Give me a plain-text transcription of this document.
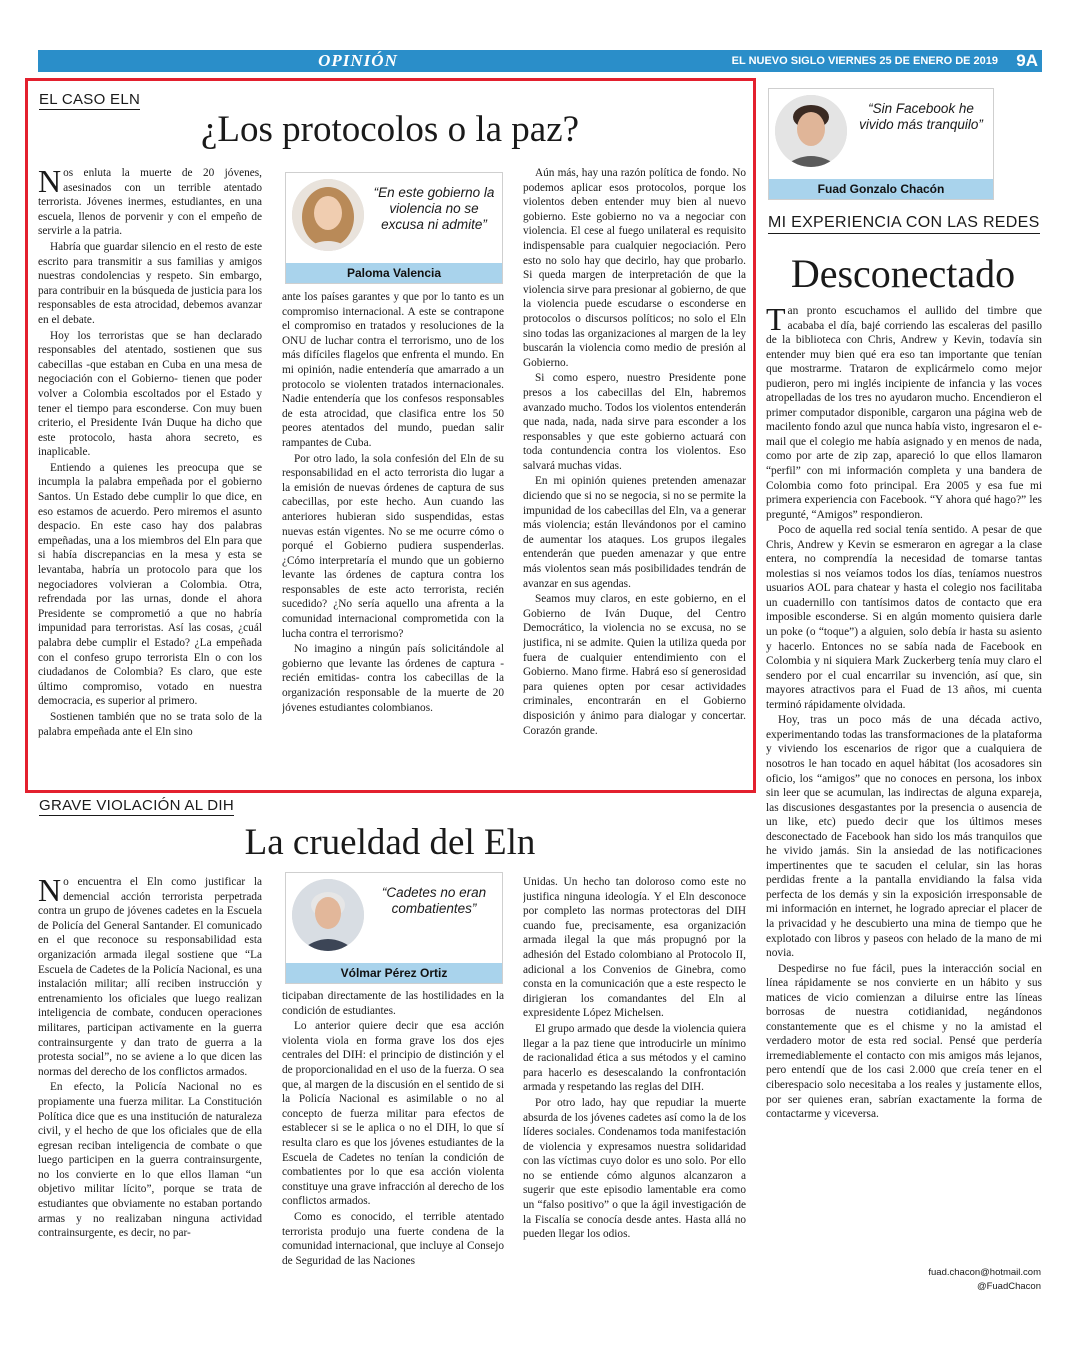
OPINIÓN	EL NUEVO SIGLO VIERNES 25 DE ENERO DE 2019 9A
EL CASO ELN
¿Los protocolos o la paz?

Nos enluta la muerte de 20 jóvenes, asesinados con un terrible atentado terrorista. Jóvenes inermes, estudiantes, en una escuela, llenos de porvenir y con el empeño de servirle a la patria.

Habría que guardar silencio en el resto de este escrito para transmitir a sus familias y amigos nuestras condolencias y respeto. Sin embargo, para contribuir en la búsqueda de justicia para los responsables de esta atrocidad, debemos avanzar en el debate.

Hoy los terroristas que se han declarado responsables del atentado, sostienen que sus cabecillas -que estaban en Cuba en una mesa de negociación con el Gobierno- tienen que poder volver a Colombia escoltados por el Estado y tener el tiempo para esconderse. Con muy buen criterio, el Presidente Iván Duque ha dicho que este protocolo, hasta ahora secreto, es inaplicable.

Entiendo a quienes les preocupa que se incumpla la palabra empeñada por el gobierno Santos. Un Estado debe cumplir lo que dice, en eso estamos de acuerdo. Pero miremos el asunto despacio. En este caso hay dos palabras empeñadas, una a los miembros del Eln para que si había discrepancias en la mesa y esta se levantaba, habría un protocolo para que los negociadores volvieran a Colombia. Otra, refrendada por las urnas, donde el ahora Presidente se comprometió a que no habría impunidad para terroristas. Así las cosas, ¿cuál palabra debe cumplir el Estado? ¿La empeñada con el confeso grupo terrorista Eln o con los ciudadanos de Colombia? Es claro, que este último compromiso, votado en nuestra democracia, es superior al primero.

Sostienen también que no se trata solo de la palabra empeñada ante el Eln sino

“En este gobierno la violencia no se excusa ni admite”
Paloma Valencia

ante los países garantes y que por lo tanto es un compromiso internacional. A este se contrapone el compromiso en tratados y resoluciones de la ONU de luchar contra el terrorismo, uno de los más difíciles flagelos que enfrenta el mundo. En mi opinión, nadie entendería que amarrado a un protocolo se violenten tratados internacionales. Nadie entendería que los confesos responsables de esta atrocidad, que clasifica entre los 50 peores atentados del mundo, puedan salir rampantes de Cuba.

Por otro lado, la sola confesión del Eln de su responsabilidad en el acto terrorista dio lugar a la emisión de nuevas órdenes de captura de sus cabecillas, por este hecho. Aun cuando las anteriores hubieran sido suspendidas, estas nuevas están vigentes. No se me ocurre cómo o porqué el Gobierno pudiera suspenderlas. ¿Cómo interpretaría el mundo que un gobierno levante las órdenes de captura contra los responsables de este acto terrorista, recién sucedido? ¿No sería aquello una afrenta a la comunidad internacional comprometida con la lucha contra el terrorismo?

No imagino a ningún país solicitándole al gobierno que levante las órdenes de captura -recién emitidas- contra los cabecillas de la organización responsable de la muerte de 20 jóvenes estudiantes colombianos.

Aún más, hay una razón política de fondo. No podemos aplicar esos protocolos, porque los violentos deben entender muy bien al nuevo gobierno. Este gobierno no va a negociar con violencia. El cese al fuego unilateral es requisito indispensable para cualquier negociación. Pero esto no solo hay que decirlo, hay que probarlo. Si queda margen de interpretación de que la violencia sirve para presionar al gobierno, de que la violencia puede escudarse o esconderse en protocolos o discursos políticos; no solo el Eln sino todas las organizaciones al margen de la ley buscarán la violencia como medio de presión al Gobierno.

Si como espero, nuestro Presidente pone presos a los cabecillas del Eln, habremos avanzado mucho. Todos los violentos entenderán que nada, nada, nada sirve para esconder a los responsables y que este gobierno actuará con toda contundencia contra los violentos. Eso salvará muchas vidas.

En mi opinión quienes pretenden amenazar diciendo que si no se negocia, si no se permite la impunidad de los cabecillas del Eln, va a generar más violencia; están llevándonos por el camino de aumentar los ataques. Los grupos ilegales entenderán que pueden amenazar y que entre más violentos sean más posibilidades tendrán de avanzar en sus agendas.

Seamos muy claros, en este gobierno, en el Gobierno de Iván Duque, del Centro Democrático, la violencia no se excusa, no se justifica, ni se admite. Quien la utiliza queda por fuera de cualquier entendimiento con el Gobierno. Mano firme. Habrá eso sí generosidad para quienes opten por cesar actividades criminales, encontrarán en el Gobierno disposición y ánimo para dialogar y concertar. Corazón grande.

GRAVE VIOLACIÓN AL DIH
La crueldad del Eln

No encuentra el Eln como justificar la demencial acción terrorista perpetrada contra un grupo de jóvenes cadetes en la Escuela de Policía del General Santander. El comunicado en el que reconoce su responsabilidad esta organización armada ilegal sostiene que “La Escuela de Cadetes de la Policía Nacional, es una instalación militar; allí reciben instrucción y entrenamiento los oficiales que luego realizan inteligencia de combate, conducen operaciones militares, participan activamente en la guerra contrainsurgente y dan trato de guerra a la protesta social”, no se aviene a lo que dicen las normas del derecho de los conflictos armados.

En efecto, la Policía Nacional no es propiamente una fuerza militar. La Constitución Política dice que es una institución de naturaleza civil, y el hecho de que los oficiales que de ella egresan reciban inteligencia de combate o que luego participen en la guerra contrainsurgente, no los convierte en lo que ellos llaman “un objetivo militar lícito”, porque se trata de estudiantes que obviamente no estaban portando armas y no realizaban ninguna actividad contrainsurgente, es decir, no par-

“Cadetes no eran combatientes”
Vólmar Pérez Ortiz

ticipaban directamente de las hostilidades en la condición de estudiantes.

Lo anterior quiere decir que esa acción violenta viola en forma grave los dos ejes centrales del DIH: el principio de distinción y el de proporcionalidad en el uso de la fuerza. O sea que, al margen de la discusión en el sentido de si la Policía Nacional es asimilable o no al concepto de fuerza militar para efectos de establecer si se le aplica o no el DIH, lo que sí resulta claro es que los jóvenes estudiantes de la Escuela de Cadetes no tenían la condición de combatientes por lo que esa acción violenta constituye una grave infracción al derecho de los conflictos armados.

Como es conocido, el terrible atentado terrorista produjo una fuerte condena de la comunidad internacional, que incluye al Consejo de Seguridad de las Naciones

Unidas. Un hecho tan doloroso como este no justifica ninguna ideología. Y el Eln desconoce por completo las normas protectoras del DIH cuando fue, precisamente, esa organización armada ilegal la que más propugnó por la adhesión del Estado colombiano al Protocolo II, adicional a los Convenios de Ginebra, como consta en la comunicación que a este respecto le dirigieran los comandantes del Eln al expresidente López Michelsen.

El grupo armado que desde la violencia quiera llegar a la paz tiene que introducirle un mínimo de racionalidad ética a sus métodos y el camino para hacerlo es desescalando la confrontación armada y respetando las reglas del DIH.

Por otro lado, hay que repudiar la muerte absurda de los jóvenes cadetes así como la de los líderes sociales. Condenamos toda manifestación de violencia y expresamos nuestra solidaridad con las víctimas cuyo dolor es uno solo. Por ello no se entiende cómo algunos alcanzaron a sugerir que este episodio lamentable era como un “falso positivo” o que la ágil investigación de la Fiscalía se conocía desde antes. Hasta allá no pueden llegar los odios.

“Sin Facebook he vivido más tranquilo”
Fuad Gonzalo Chacón
MI EXPERIENCIA CON LAS REDES
Desconectado

Tan pronto escuchamos el aullido del timbre que acababa el día, bajé corriendo las escaleras del pasillo de la biblioteca con Chris, Andrew y Kevin, todavía sin entender muy bien qué era eso tan importante que tenían que mostrarme. Trataron de explicármelo como mejor pudieron, pero mi inglés incipiente de infancia y las voces atropelladas de los tres no ayudaron mucho. Encendieron el primer computador disponible, cargaron una página web de macilento fondo azul que nunca había visto, ingresaron el e-mail que el colegio me había asignado y en menos de nada, como por arte de zip zap, apareció lo que ellos llamaron “perfil” con mi información completa y una bandera de Colombia como foto principal. Era 2005 y esa fue mi primera experiencia con Facebook. “Y ahora qué hago?” les pregunté, “Amigos” respondieron.

Poco de aquella red social tenía sentido. A pesar de que Chris, Andrew y Kevin se esmeraron en agregar a la clase entera, no comprendía la necesidad de tomarse tantas molestias si nos veíamos todos los días, teníamos nuestros usuarios AOL para chatear y hasta el colegio nos facilitaba un cuadernillo con tantísimos datos de contacto que era imposible esconderse. Si en algún momento quisiera darle un poke (o “toque”) a alguien, solo debía ir hasta su asiento y hacerlo. Entonces no se sabía nada de Facebook en Colombia y ni siquiera Mark Zuckerberg tenía muy claro el sendero por el cual encarrilar su invención, así que, sin mayores atractivos para el Fuad de 13 años, mi cuenta terminó rápidamente olvidada.

Hoy, tras un poco más de una década activo, experimentando todas las transformaciones de la plataforma y viviendo los escenarios de rigor que a cualquiera de nosotros le han tocado en aquel hábitat (los acosadores sin oficio, los “amigos” que no conoces en persona, los inbox sin leer que se acumulan, las indirectas de alguna expareja, las discusiones desgastantes por la presencia o ausencia de un like, etc) puedo decir que los últimos meses desconectado de Facebook han sido los más tranquilos que he vivido jamás. Sin la ansiedad de las notificaciones impertinentes que te sacuden el celular, sin las horas perdidas frente a la pantalla envidiando la falsa vida perfecta de los demás y sin la exposición irresponsable de mi información en internet, he logrado apreciar el placer de la privacidad y he descubierto una mina de tiempo que he explotado con libros y paseos con helado de la mano de mi novia.

Despedirse no fue fácil, pues la interacción social en línea rápidamente se nos convierte en un hábito y sus matices de vicio comienzan a diluirse entre las líneas borrosas de nuestra cotidianidad, negándonos constantemente que es el chisme y no la amistad el verdadero motor de esta red social. Pensé que perdería irremediablemente el contacto con mis amigos más lejanos, pero entendí que de los casi 2.000 que creía tener en el ciberespacio solo necesitaba a los reales y justamente ellos, por ser quienes eran, sabrían exactamente la forma de contactarme y viceversa.

fuad.chacon@hotmail.com
@FuadChacon
